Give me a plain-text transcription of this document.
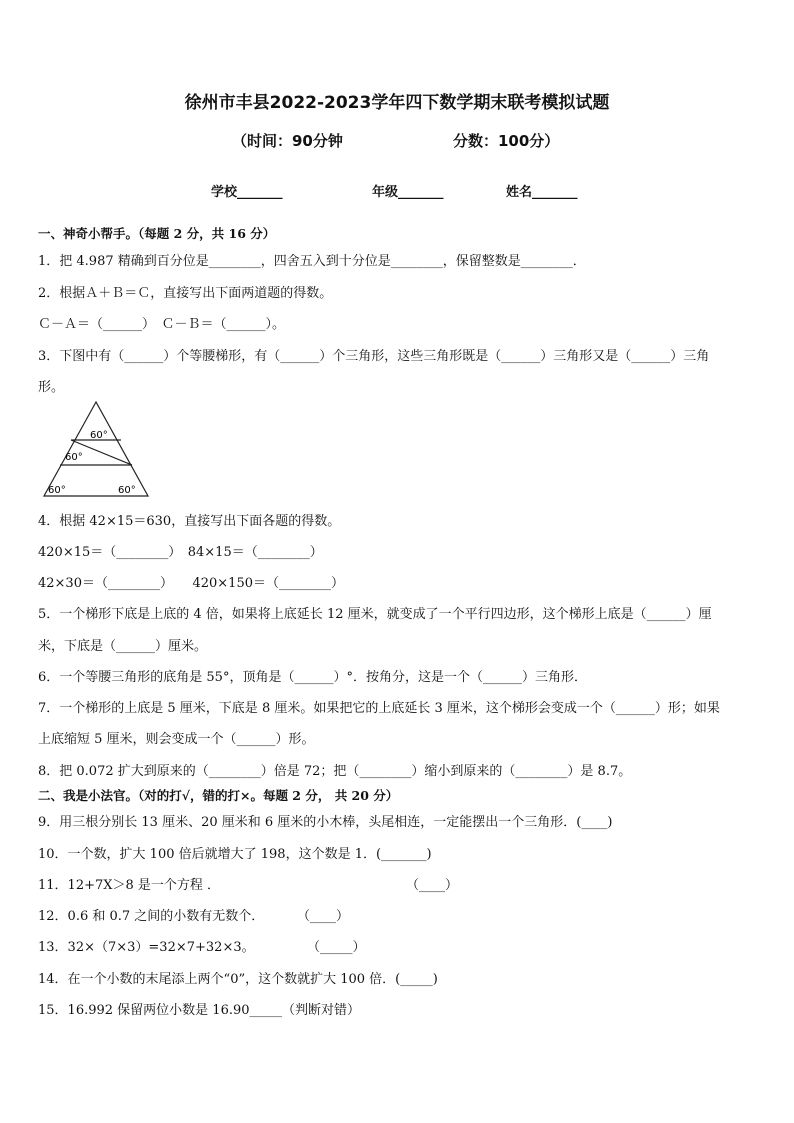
徐州市丰县2022-2023学年四下数学期末联考模拟试题
（时间：90分钟	分数：100分）
学校_______	年级_______	姓名_______
一、神奇小帮手。（每题 2 分，共 16 分）
1．把 4.987 精确到百分位是________，四舍五入到十分位是________，保留整数是________．
2．根据Ａ＋Ｂ＝Ｃ，直接写出下面两道题的得数。
Ｃ－Ａ＝（______）　Ｃ－Ｂ＝（______）。
3．下图中有（______）个等腰梯形，有（______）个三角形，这些三角形既是（______）三角形又是（______）三角
形。
60°
60°
60°	60°
4．根据 42×15＝630，直接写出下面各题的得数。
420×15＝（________）　84×15＝（________）
42×30＝（________）　　420×150＝（________）
5．一个梯形下底是上底的 4 倍，如果将上底延长 12 厘米，就变成了一个平行四边形，这个梯形上底是（______）厘
米，下底是（______）厘米。
6．一个等腰三角形的底角是 55°，顶角是（______）°．按角分，这是一个（______）三角形．
7．一个梯形的上底是 5 厘米，下底是 8 厘米。如果把它的上底延长 3 厘米，这个梯形会变成一个（______）形；如果
上底缩短 5 厘米，则会变成一个（______）形。
8．把 0.072 扩大到原来的（________）倍是 72；把（________）缩小到原来的（________）是 8.7。
二、我是小法官。（对的打√，错的打×。每题 2 分， 共 20 分）
9．用三根分别长 13 厘米、20 厘米和 6 厘米的小木棒，头尾相连，一定能摆出一个三角形．(____)
10．一个数，扩大 100 倍后就增大了 198，这个数是 1．(_______)
11．12+7X＞8 是一个方程 ．	（____）
12．0.6 和 0.7 之间的小数有无数个．	（____）
13．32×（7×3）=32×7+32×3。	（_____）
14．在一个小数的末尾添上两个“0”，这个数就扩大 100 倍．(_____)
15．16.992 保留两位小数是 16.90_____（判断对错）
